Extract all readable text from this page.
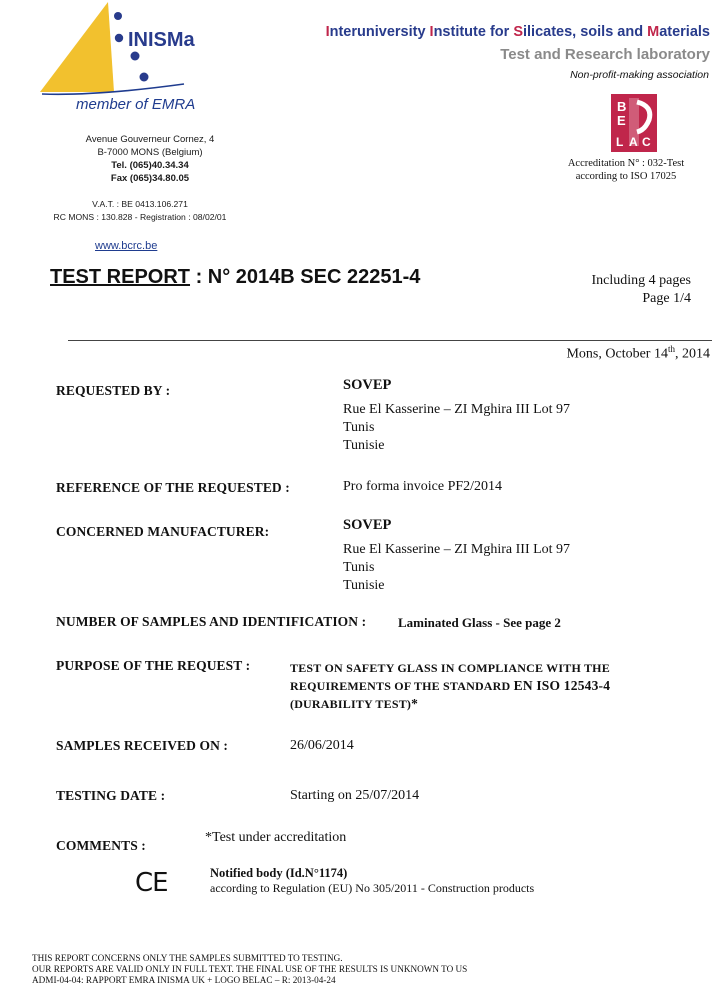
INISMa
member of EMRA
Avenue Gouverneur Cornez, 4
B-7000 MONS (Belgium)
Tel. (065)40.34.34
Fax (065)34.80.05
V.A.T. : BE 0413.106.271
RC MONS : 130.828 - Registration : 08/02/01
www.bcrc.be
Interuniversity Institute for Silicates, soils and Materials
Test and Research laboratory
Non-profit-making association
B
E
L A C
Accreditation N° : 032-Test
according to ISO 17025
TEST REPORT : N° 2014B SEC 22251-4	Including 4 pages
Page 1/4
Mons, October 14th, 2014
REQUESTED BY :	SOVEP
Rue El Kasserine – ZI Mghira III Lot 97
Tunis
Tunisie
REFERENCE OF THE REQUESTED :	Pro forma invoice PF2/2014
CONCERNED MANUFACTURER:	SOVEP
Rue El Kasserine – ZI Mghira III Lot 97
Tunis
Tunisie
NUMBER OF SAMPLES AND IDENTIFICATION : Laminated Glass - See page 2
PURPOSE OF THE REQUEST :	TEST ON SAFETY GLASS IN COMPLIANCE WITH THE
REQUIREMENTS OF THE STANDARD EN ISO 12543-4
(DURABILITY TEST)*
SAMPLES RECEIVED ON :	26/06/2014
TESTING DATE :	Starting on 25/07/2014
COMMENTS :
*Test under accreditation
CE	Notified body (Id.N°1174)
according to Regulation (EU) No 305/2011 - Construction products
THIS REPORT CONCERNS ONLY THE SAMPLES SUBMITTED TO TESTING.
OUR REPORTS ARE VALID ONLY IN FULL TEXT. THE FINAL USE OF THE RESULTS IS UNKNOWN TO US
ADMI-04-04: RAPPORT EMRA INISMA UK + LOGO BELAC – R: 2013-04-24
